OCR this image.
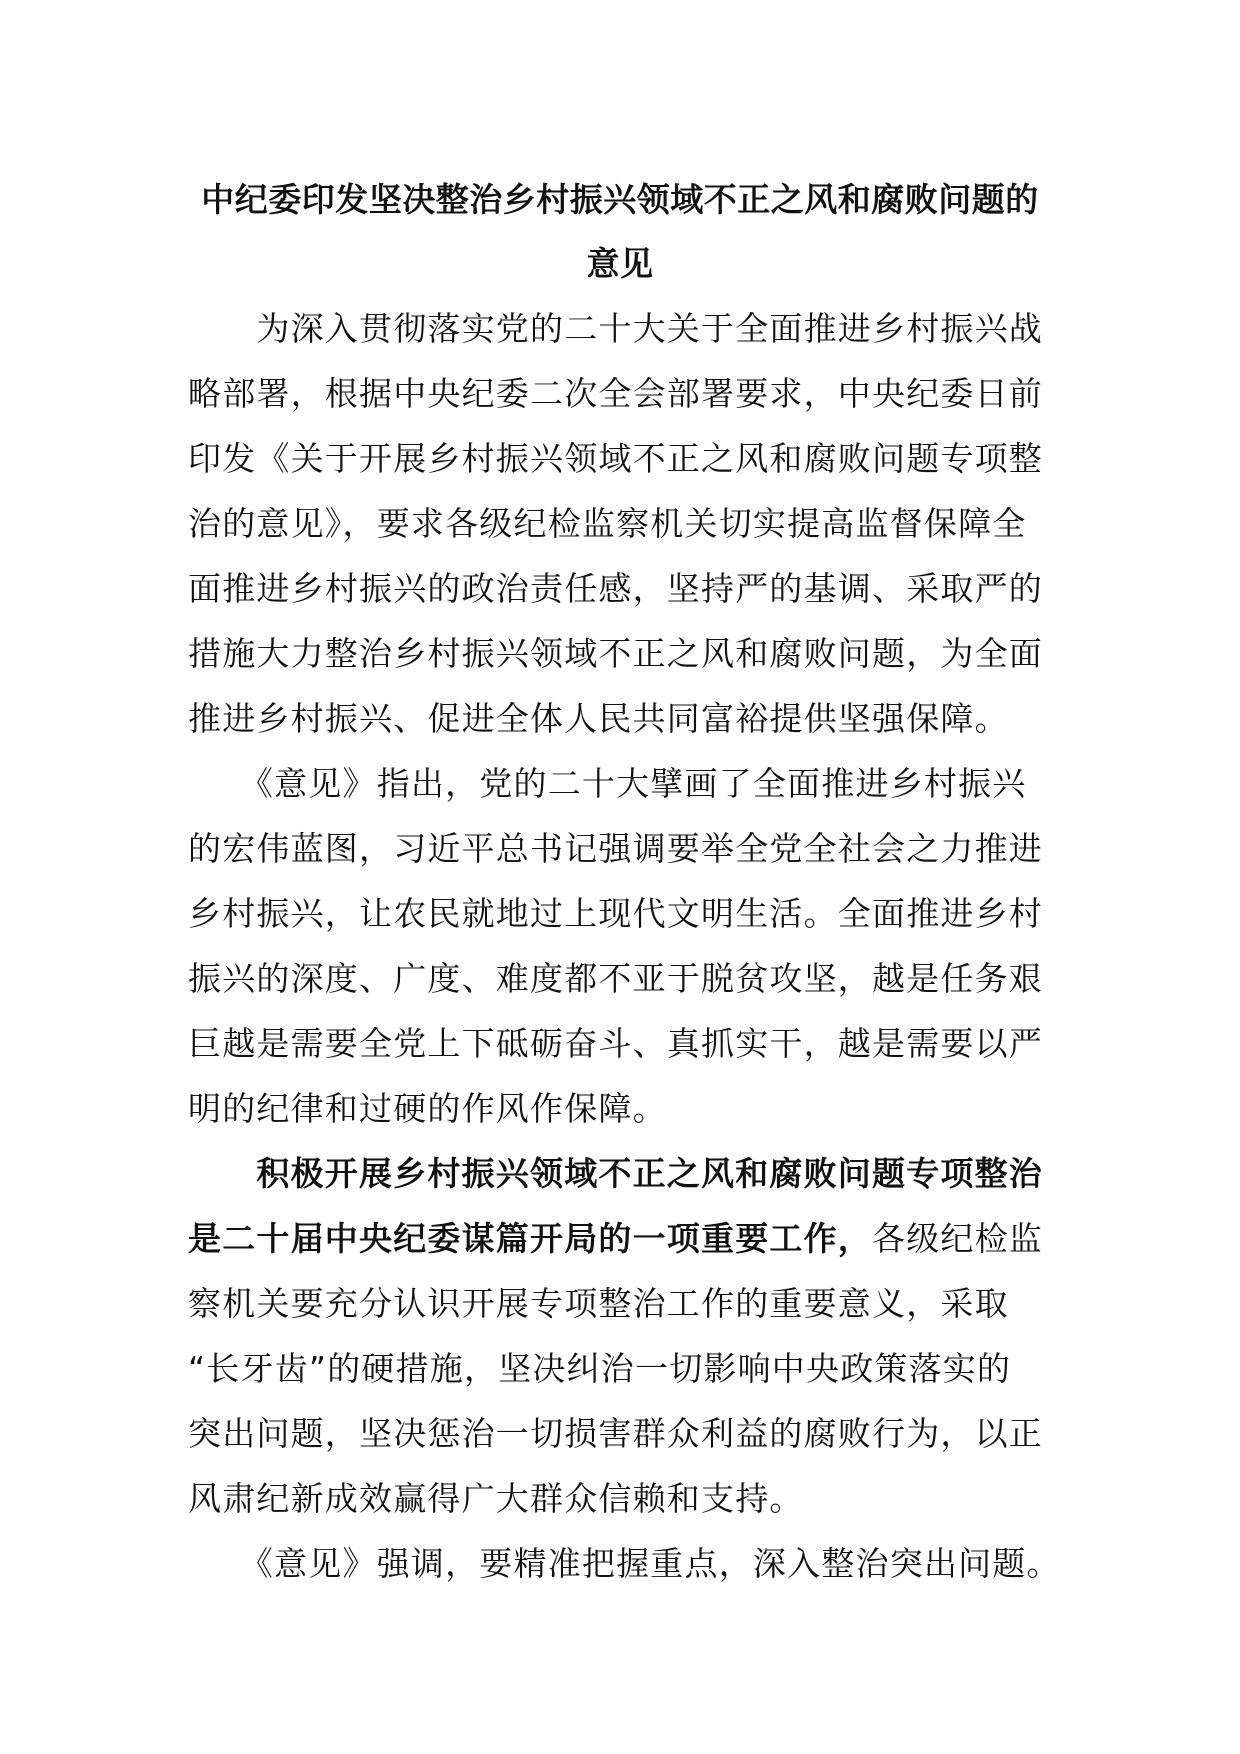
中纪委印发坚决整治乡村振兴领域不正之风和腐败问题的
意见

　　为深入贯彻落实党的二十大关于全面推进乡村振兴战
略部署，根据中央纪委二次全会部署要求，中央纪委日前
印发《关于开展乡村振兴领域不正之风和腐败问题专项整
治的意见》，要求各级纪检监察机关切实提高监督保障全
面推进乡村振兴的政治责任感，坚持严的基调、采取严的
措施大力整治乡村振兴领域不正之风和腐败问题，为全面
推进乡村振兴、促进全体人民共同富裕提供坚强保障。

　　《意见》指出，党的二十大擘画了全面推进乡村振兴
的宏伟蓝图，习近平总书记强调要举全党全社会之力推进
乡村振兴，让农民就地过上现代文明生活。全面推进乡村
振兴的深度、广度、难度都不亚于脱贫攻坚，越是任务艰
巨越是需要全党上下砥砺奋斗、真抓实干，越是需要以严
明的纪律和过硬的作风作保障。

　　积极开展乡村振兴领域不正之风和腐败问题专项整治
是二十届中央纪委谋篇开局的一项重要工作，各级纪检监
察机关要充分认识开展专项整治工作的重要意义，采取
“长牙齿”的硬措施，坚决纠治一切影响中央政策落实的
突出问题，坚决惩治一切损害群众利益的腐败行为，以正
风肃纪新成效赢得广大群众信赖和支持。

　　《意见》强调，要精准把握重点，深入整治突出问题。
